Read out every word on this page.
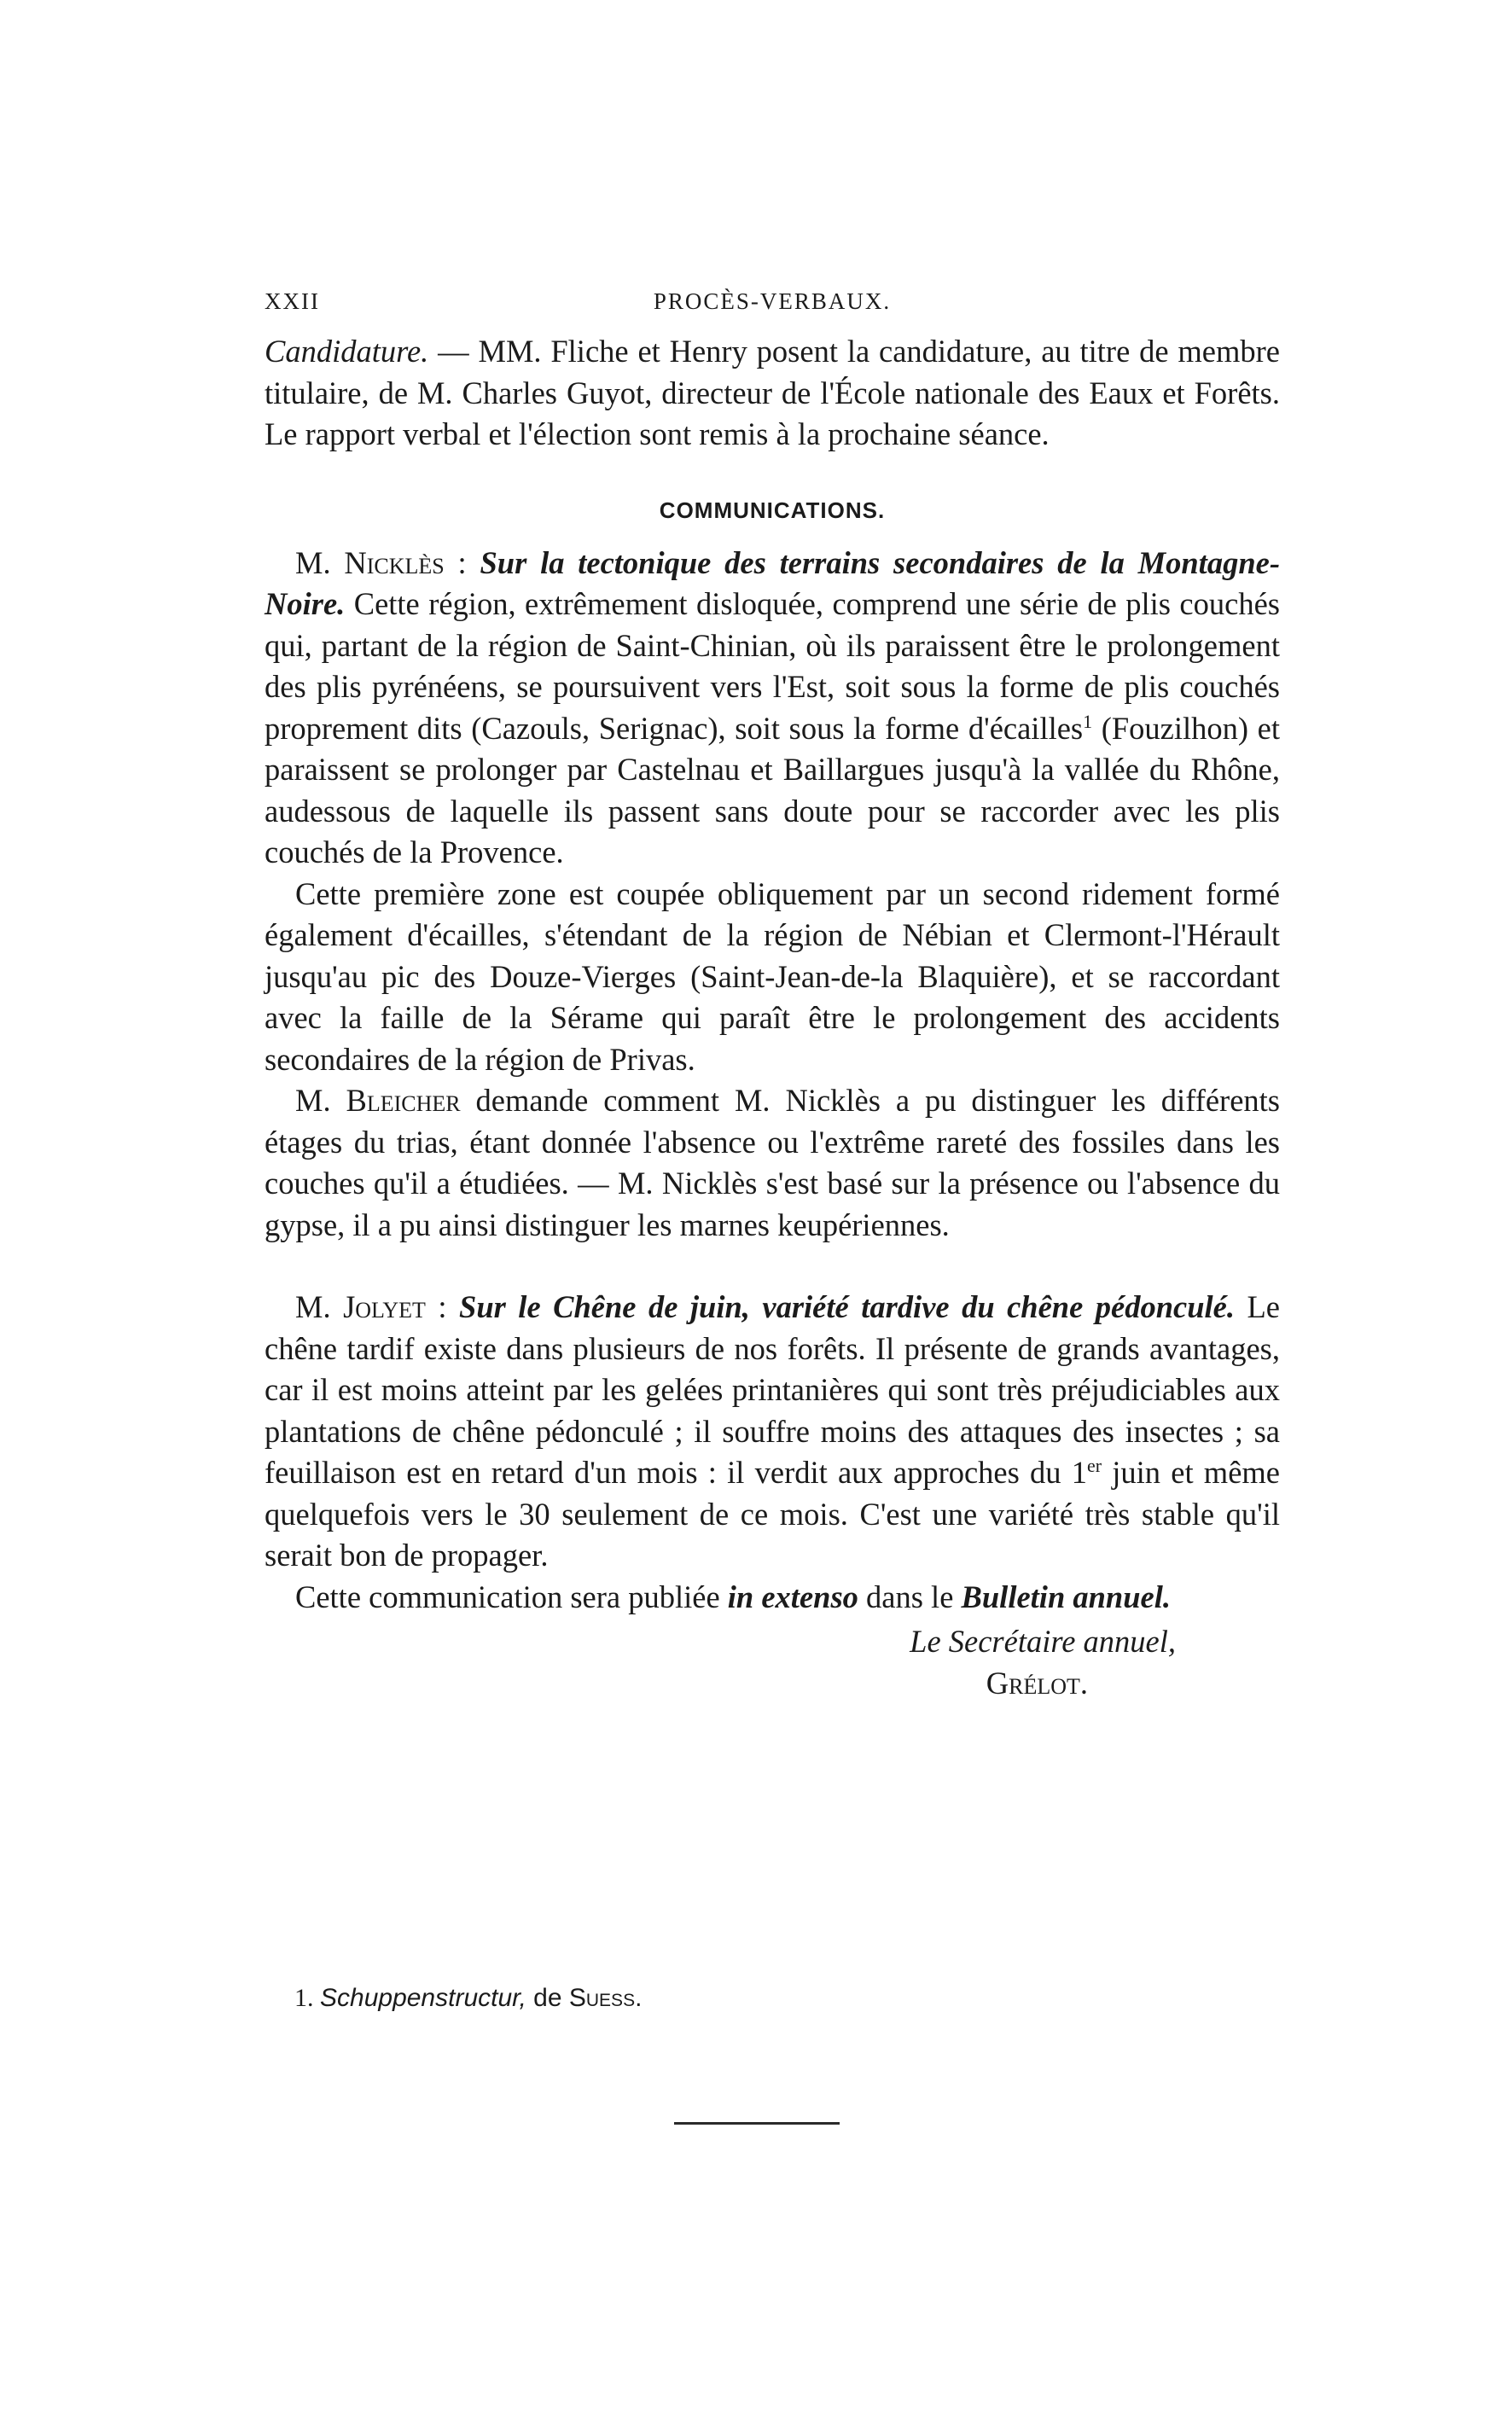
XXII	PROCÈS-VERBAUX.

Candidature. — MM. Fliche et Henry posent la candidature, au titre de membre titulaire, de M. Charles Guyot, directeur de l'École nationale des Eaux et Forêts. Le rapport verbal et l'élection sont remis à la prochaine séance.

COMMUNICATIONS.

M. Nicklès : Sur la tectonique des terrains secondaires de la Montagne-Noire. Cette région, extrêmement disloquée, comprend une série de plis couchés qui, partant de la région de Saint-Chinian, où ils paraissent être le prolongement des plis pyrénéens, se poursuivent vers l'Est, soit sous la forme de plis couchés proprement dits (Cazouls, Serignac), soit sous la forme d'écailles$^1$ (Fouzilhon) et paraissent se prolonger par Castelnau et Baillargues jusqu'à la vallée du Rhône, audessous de laquelle ils passent sans doute pour se raccorder avec les plis couchés de la Provence.

Cette première zone est coupée obliquement par un second ridement formé également d'écailles, s'étendant de la région de Nébian et Clermont-l'Hérault jusqu'au pic des Douze-Vierges (Saint-Jean-de-la Blaquière), et se raccordant avec la faille de la Sérame qui paraît être le prolongement des accidents secondaires de la région de Privas.

M. Bleicher demande comment M. Nicklès a pu distinguer les différents étages du trias, étant donnée l'absence ou l'extrême rareté des fossiles dans les couches qu'il a étudiées. — M. Nicklès s'est basé sur la présence ou l'absence du gypse, il a pu ainsi distinguer les marnes keupériennes.

M. Jolyet : Sur le Chêne de juin, variété tardive du chêne pédonculé. Le chêne tardif existe dans plusieurs de nos forêts. Il présente de grands avantages, car il est moins atteint par les gelées printanières qui sont très préjudiciables aux plantations de chêne pédonculé ; il souffre moins des attaques des insectes ; sa feuillaison est en retard d'un mois : il verdit aux approches du 1er juin et même quelquefois vers le 30 seulement de ce mois. C'est une variété très stable qu'il serait bon de propager.

Cette communication sera publiée in extenso dans le Bulletin annuel.

Le Secrétaire annuel,
Grélot.
1. Schuppenstructur, de Suess.
